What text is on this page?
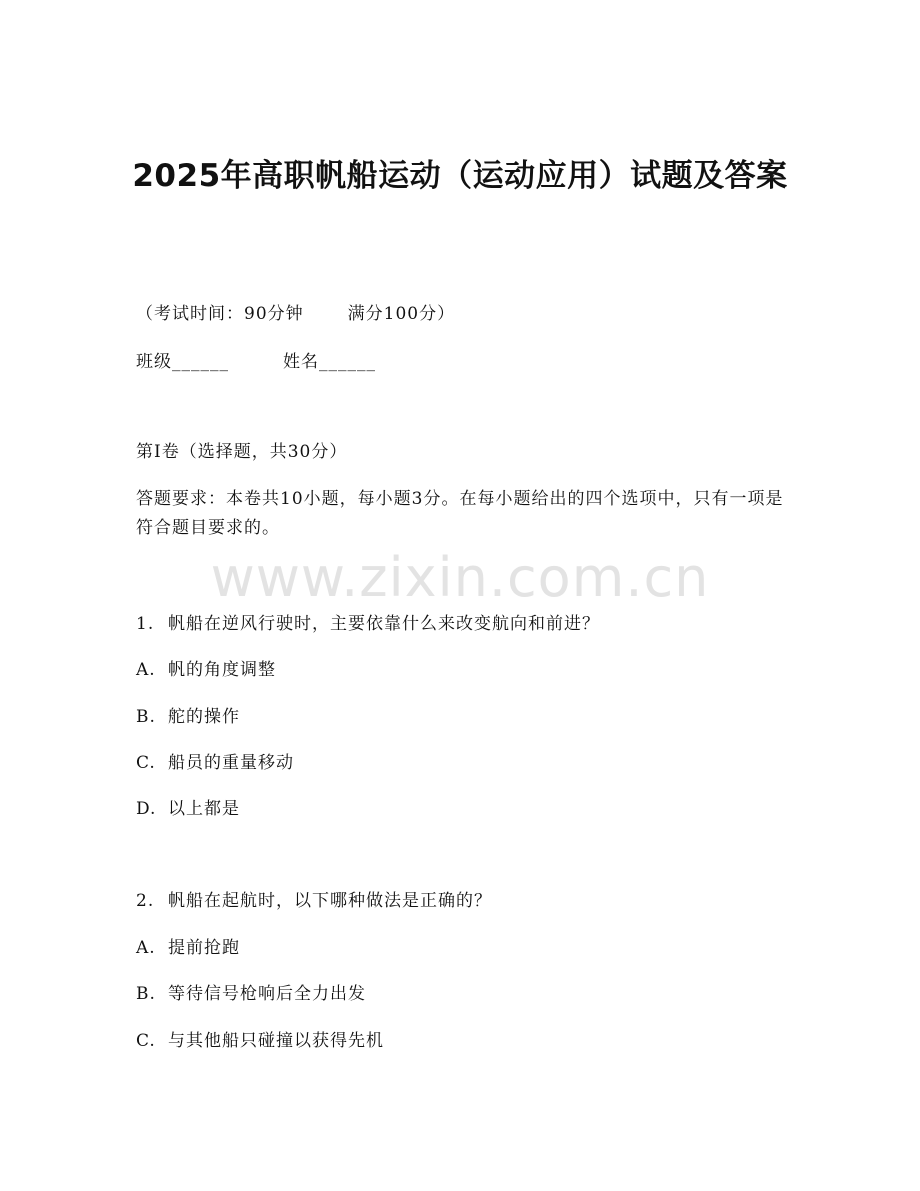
2025年高职帆船运动（运动应用）试题及答案
（考试时间：90分钟	满分100分）
班级______	姓名______
第I卷（选择题，共30分）
答题要求：本卷共10小题，每小题3分。在每小题给出的四个选项中，只有一项是符合题目要求的。
www.zixin.com.cn
1. 帆船在逆风行驶时，主要依靠什么来改变航向和前进？
A. 帆的角度调整
B. 舵的操作
C. 船员的重量移动
D. 以上都是
2. 帆船在起航时，以下哪种做法是正确的？
A. 提前抢跑
B. 等待信号枪响后全力出发
C. 与其他船只碰撞以获得先机
